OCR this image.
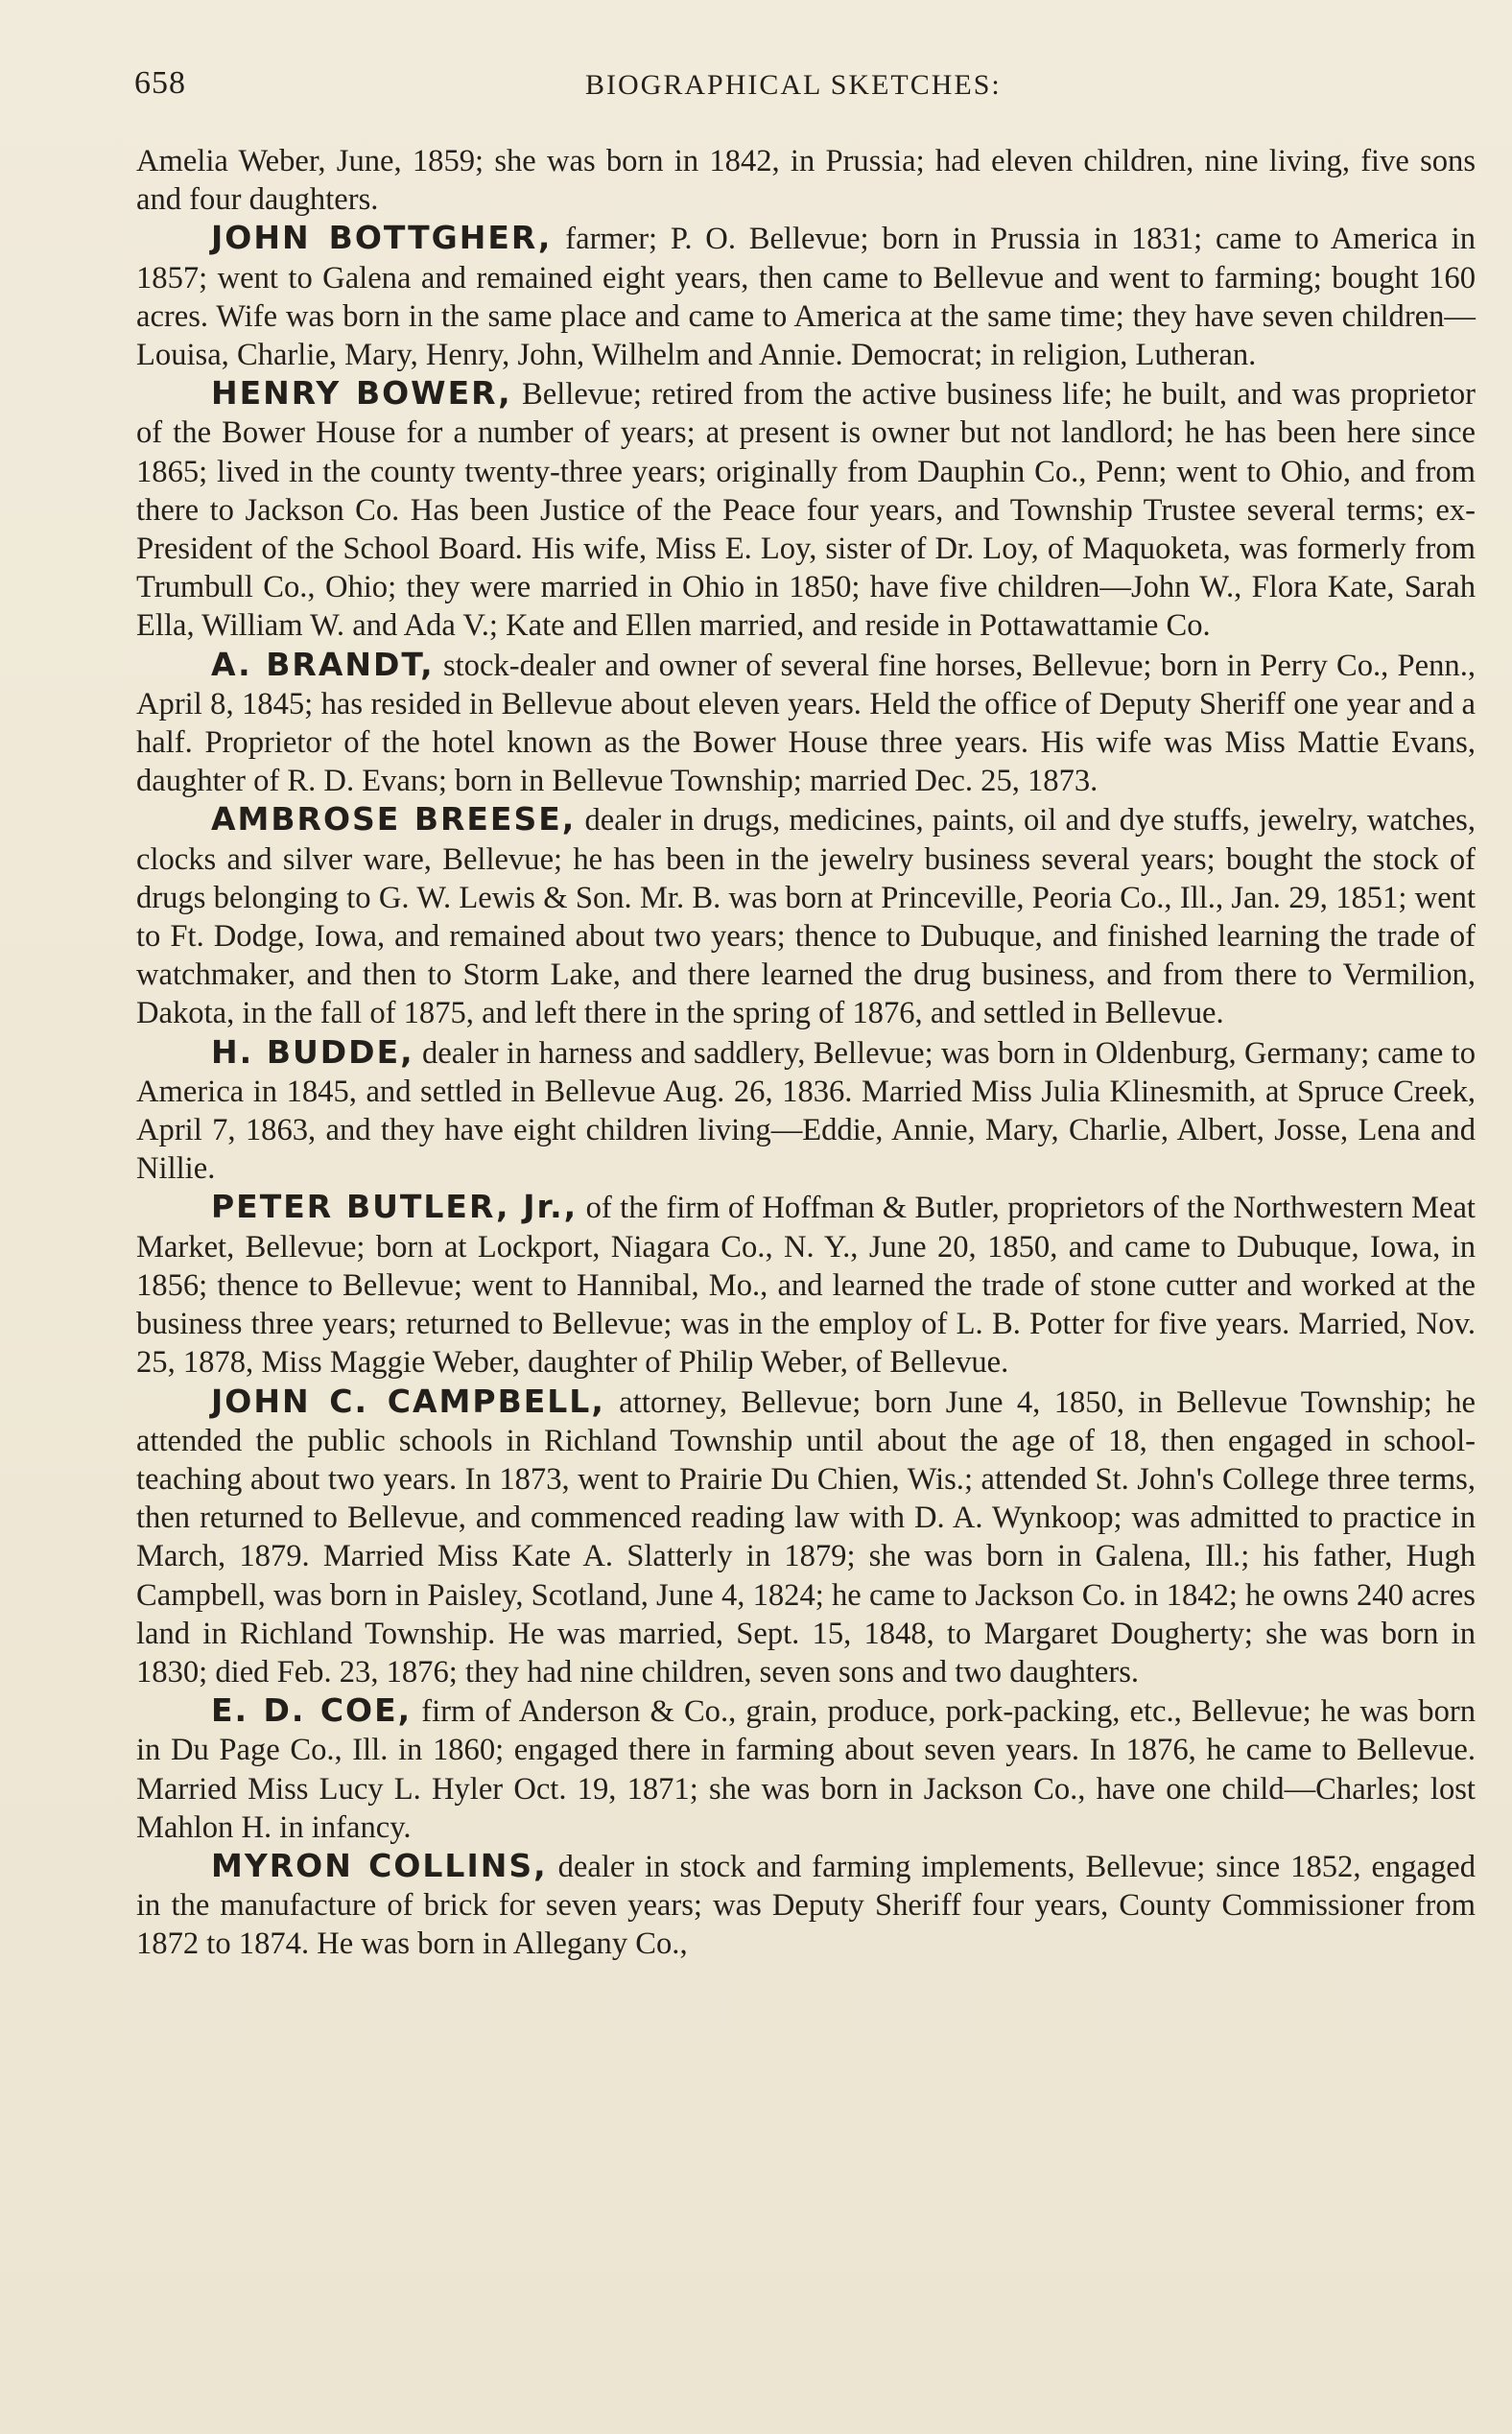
658	BIOGRAPHICAL SKETCHES:

Amelia Weber, June, 1859; she was born in 1842, in Prussia; had eleven children, nine living, five sons and four daughters.

JOHN BOTTGHER, farmer; P. O. Bellevue; born in Prussia in 1831; came to America in 1857; went to Galena and remained eight years, then came to Bellevue and went to farming; bought 160 acres. Wife was born in the same place and came to America at the same time; they have seven children—Louisa, Charlie, Mary, Henry, John, Wilhelm and Annie. Democrat; in religion, Lutheran.

HENRY BOWER, Bellevue; retired from the active business life; he built, and was proprietor of the Bower House for a number of years; at present is owner but not landlord; he has been here since 1865; lived in the county twenty-three years; originally from Dauphin Co., Penn; went to Ohio, and from there to Jackson Co. Has been Justice of the Peace four years, and Township Trustee several terms; ex-President of the School Board. His wife, Miss E. Loy, sister of Dr. Loy, of Maquoketa, was formerly from Trumbull Co., Ohio; they were married in Ohio in 1850; have five children—John W., Flora Kate, Sarah Ella, William W. and Ada V.; Kate and Ellen married, and reside in Pottawattamie Co.

A. BRANDT, stock-dealer and owner of several fine horses, Bellevue; born in Perry Co., Penn., April 8, 1845; has resided in Bellevue about eleven years. Held the office of Deputy Sheriff one year and a half. Proprietor of the hotel known as the Bower House three years. His wife was Miss Mattie Evans, daughter of R. D. Evans; born in Bellevue Township; married Dec. 25, 1873.

AMBROSE BREESE, dealer in drugs, medicines, paints, oil and dye stuffs, jewelry, watches, clocks and silver ware, Bellevue; he has been in the jewelry business several years; bought the stock of drugs belonging to G. W. Lewis & Son. Mr. B. was born at Princeville, Peoria Co., Ill., Jan. 29, 1851; went to Ft. Dodge, Iowa, and remained about two years; thence to Dubuque, and finished learning the trade of watchmaker, and then to Storm Lake, and there learned the drug business, and from there to Vermilion, Dakota, in the fall of 1875, and left there in the spring of 1876, and settled in Bellevue.

H. BUDDE, dealer in harness and saddlery, Bellevue; was born in Oldenburg, Germany; came to America in 1845, and settled in Bellevue Aug. 26, 1836. Married Miss Julia Klinesmith, at Spruce Creek, April 7, 1863, and they have eight children living—Eddie, Annie, Mary, Charlie, Albert, Josse, Lena and Nillie.

PETER BUTLER, Jr., of the firm of Hoffman & Butler, proprietors of the Northwestern Meat Market, Bellevue; born at Lockport, Niagara Co., N. Y., June 20, 1850, and came to Dubuque, Iowa, in 1856; thence to Bellevue; went to Hannibal, Mo., and learned the trade of stone cutter and worked at the business three years; returned to Bellevue; was in the employ of L. B. Potter for five years. Married, Nov. 25, 1878, Miss Maggie Weber, daughter of Philip Weber, of Bellevue.

JOHN C. CAMPBELL, attorney, Bellevue; born June 4, 1850, in Bellevue Township; he attended the public schools in Richland Township until about the age of 18, then engaged in school-teaching about two years. In 1873, went to Prairie Du Chien, Wis.; attended St. John's College three terms, then returned to Bellevue, and commenced reading law with D. A. Wynkoop; was admitted to practice in March, 1879. Married Miss Kate A. Slatterly in 1879; she was born in Galena, Ill.; his father, Hugh Campbell, was born in Paisley, Scotland, June 4, 1824; he came to Jackson Co. in 1842; he owns 240 acres land in Richland Township. He was married, Sept. 15, 1848, to Margaret Dougherty; she was born in 1830; died Feb. 23, 1876; they had nine children, seven sons and two daughters.

E. D. COE, firm of Anderson & Co., grain, produce, pork-packing, etc., Bellevue; he was born in Du Page Co., Ill. in 1860; engaged there in farming about seven years. In 1876, he came to Bellevue. Married Miss Lucy L. Hyler Oct. 19, 1871; she was born in Jackson Co., have one child—Charles; lost Mahlon H. in infancy.

MYRON COLLINS, dealer in stock and farming implements, Bellevue; since 1852, engaged in the manufacture of brick for seven years; was Deputy Sheriff four years, County Commissioner from 1872 to 1874. He was born in Allegany Co.,
